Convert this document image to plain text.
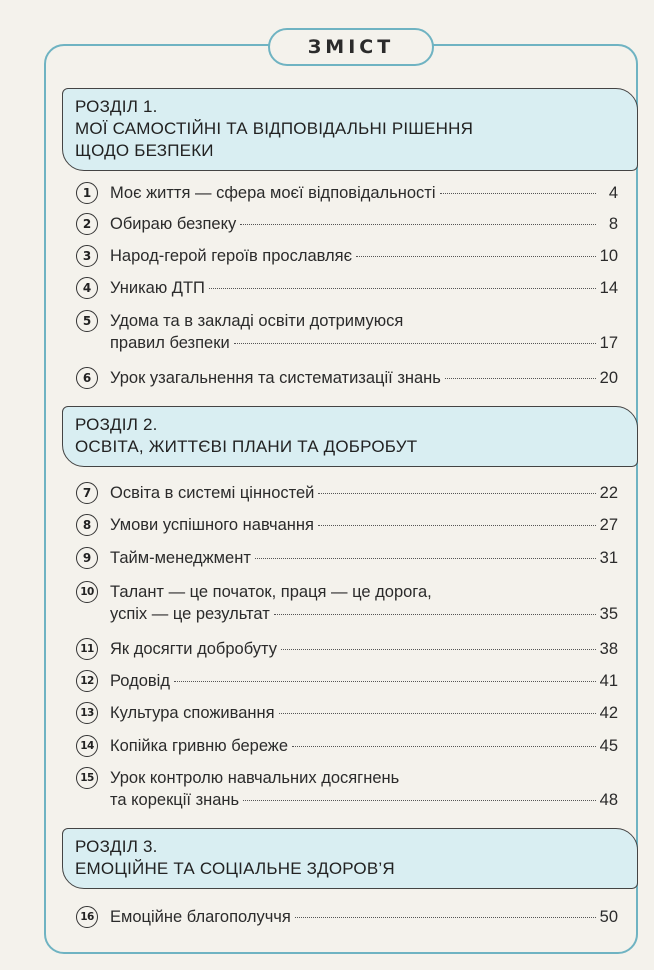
ЗМІСТ
РОЗДІЛ 1.
МОЇ САМОСТІЙНІ ТА ВІДПОВІДАЛЬНІ РІШЕННЯ
ЩОДО БЕЗПЕКИ
1	Моє життя — сфера моєї відповідальності	4
2	Обираю безпеку	8
3	Народ-герой героїв прославляє	10
4	Уникаю ДТП	14
5	Удома та в закладі освіти дотримуюся
правил безпеки	17
6	Урок узагальнення та систематизації знань	20
РОЗДІЛ 2.
ОСВІТА, ЖИТТЄВІ ПЛАНИ ТА ДОБРОБУТ
7	Освіта в системі цінностей	22
8	Умови успішного навчання	27
9	Тайм-менеджмент	31
10 Талант — це початок, праця — це дорога,
успіх — це результат	35
11 Як досягти добробуту	38
12 Родовід	41
13 Культура споживання	42
14 Копійка гривню береже	45
15 Урок контролю навчальних досягнень
та корекції знань	48
РОЗДІЛ 3.
ЕМОЦІЙНЕ ТА СОЦІАЛЬНЕ ЗДОРОВ’Я
16 Емоційне благополуччя	50
